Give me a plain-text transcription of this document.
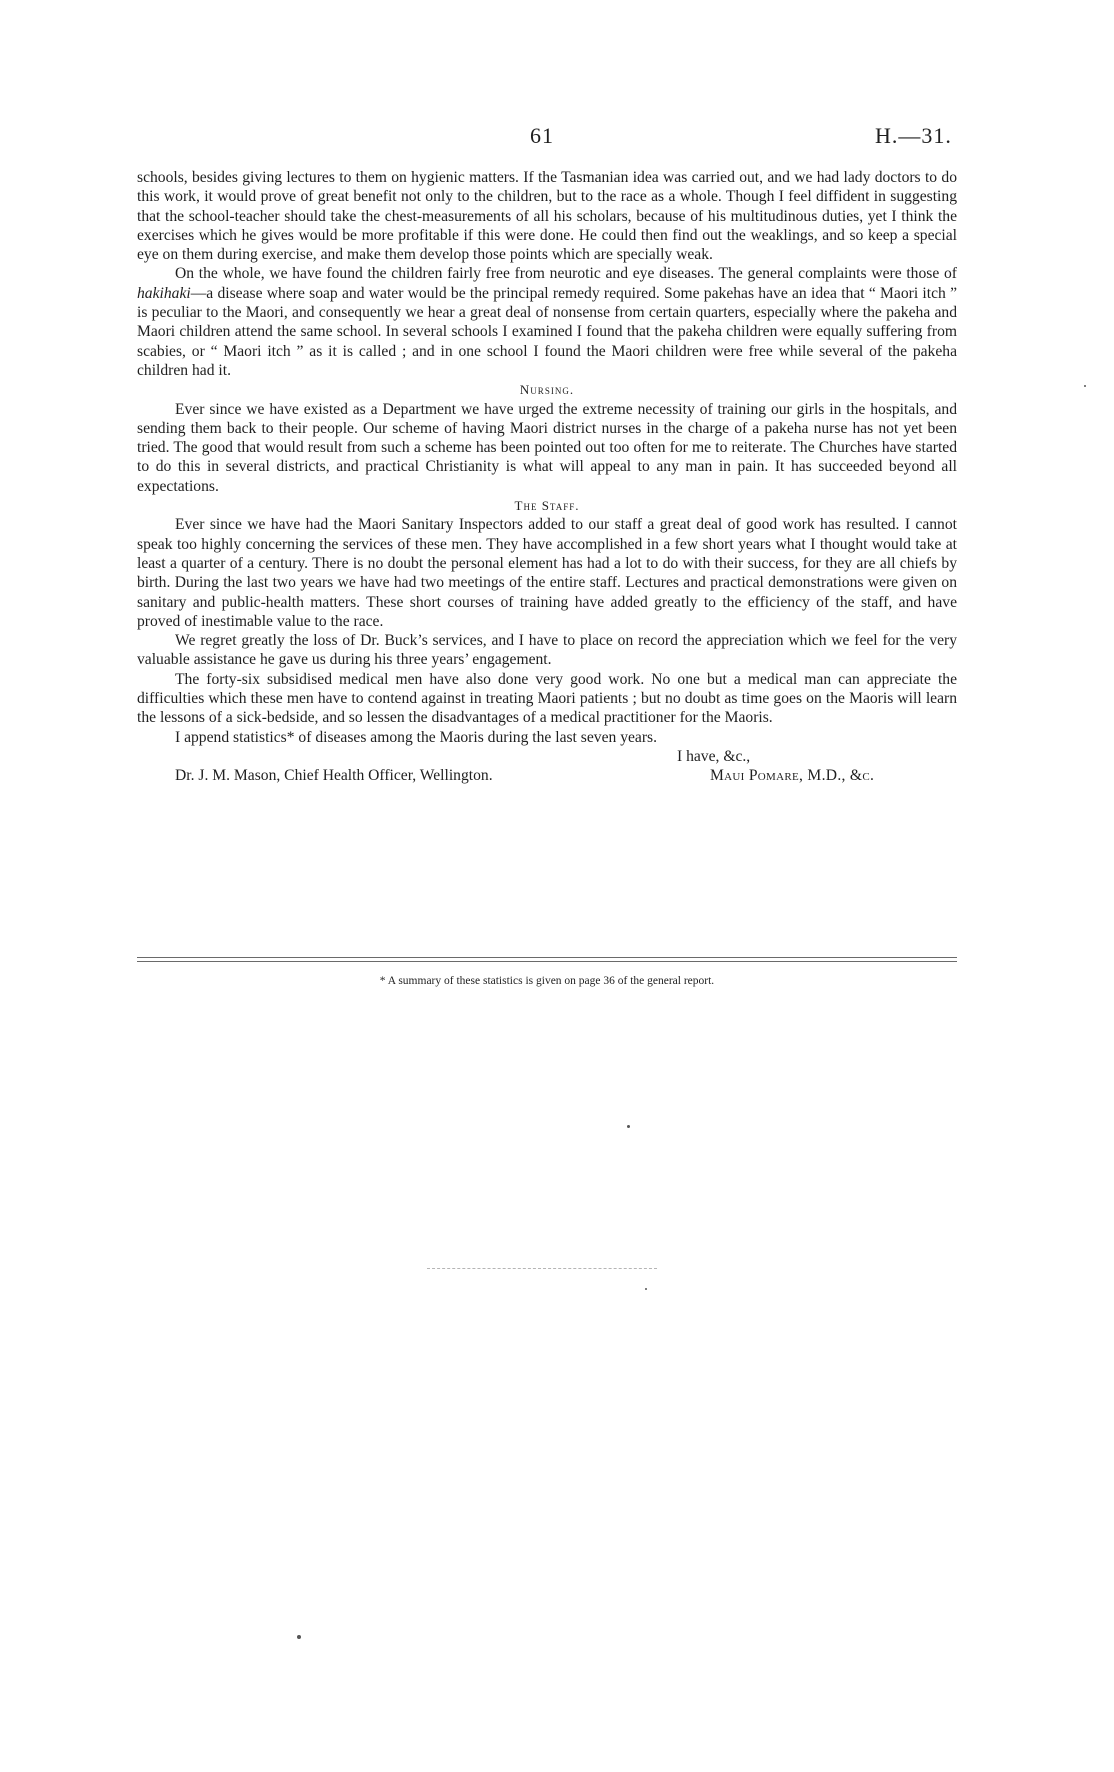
61	H.—31.

schools, besides giving lectures to them on hygienic matters. If the Tasmanian idea was carried out, and we had lady doctors to do this work, it would prove of great benefit not only to the children, but to the race as a whole. Though I feel diffident in suggesting that the school-teacher should take the chest-measurements of all his scholars, because of his multitudinous duties, yet I think the exercises which he gives would be more profitable if this were done. He could then find out the weaklings, and so keep a special eye on them during exercise, and make them develop those points which are specially weak.

On the whole, we have found the children fairly free from neurotic and eye diseases. The general complaints were those of hakihaki—a disease where soap and water would be the principal remedy required. Some pakehas have an idea that “ Maori itch ” is peculiar to the Maori, and consequently we hear a great deal of nonsense from certain quarters, especially where the pakeha and Maori children attend the same school. In several schools I examined I found that the pakeha children were equally suffering from scabies, or “ Maori itch ” as it is called ; and in one school I found the Maori children were free while several of the pakeha children had it.

Nursing.

Ever since we have existed as a Department we have urged the extreme necessity of training our girls in the hospitals, and sending them back to their people. Our scheme of having Maori district nurses in the charge of a pakeha nurse has not yet been tried. The good that would result from such a scheme has been pointed out too often for me to reiterate. The Churches have started to do this in several districts, and practical Christianity is what will appeal to any man in pain. It has succeeded beyond all expectations.

The Staff.

Ever since we have had the Maori Sanitary Inspectors added to our staff a great deal of good work has resulted. I cannot speak too highly concerning the services of these men. They have accomplished in a few short years what I thought would take at least a quarter of a century. There is no doubt the personal element has had a lot to do with their success, for they are all chiefs by birth. During the last two years we have had two meetings of the entire staff. Lectures and practical demonstrations were given on sanitary and public-health matters. These short courses of training have added greatly to the efficiency of the staff, and have proved of inestimable value to the race.

We regret greatly the loss of Dr. Buck’s services, and I have to place on record the appreciation which we feel for the very valuable assistance he gave us during his three years’ engagement.

The forty-six subsidised medical men have also done very good work. No one but a medical man can appreciate the difficulties which these men have to contend against in treating Maori patients ; but no doubt as time goes on the Maoris will learn the lessons of a sick-bedside, and so lessen the disadvantages of a medical practitioner for the Maoris.

I append statistics* of diseases among the Maoris during the last seven years.

I have, &c.,
Dr. J. M. Mason, Chief Health Officer, Wellington.	Maui Pomare, M.D., &c.
* A summary of these statistics is given on page 36 of the general report.
